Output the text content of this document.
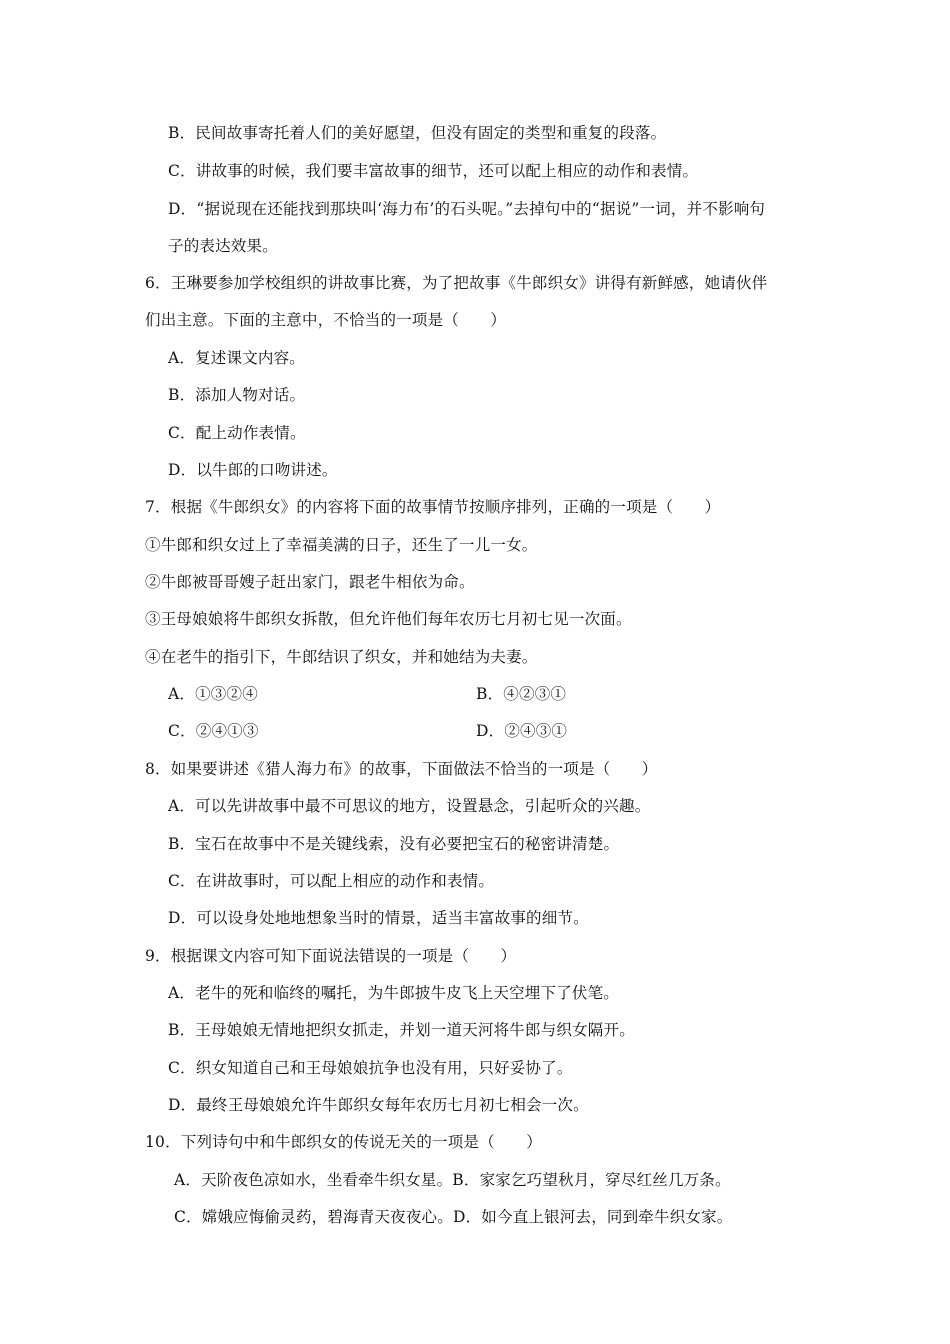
B．民间故事寄托着人们的美好愿望，但没有固定的类型和重复的段落。
C．讲故事的时候，我们要丰富故事的细节，还可以配上相应的动作和表情。
D．“据说现在还能找到那块叫‘海力布’的石头呢。”去掉句中的“据说”一词，并不影响句
子的表达效果。
6．王琳要参加学校组织的讲故事比赛，为了把故事《牛郎织女》讲得有新鲜感，她请伙伴
们出主意。下面的主意中，不恰当的一项是（　　）
A．复述课文内容。
B．添加人物对话。
C．配上动作表情。
D．以牛郎的口吻讲述。
7．根据《牛郎织女》的内容将下面的故事情节按顺序排列，正确的一项是（　　）
①牛郎和织女过上了幸福美满的日子，还生了一儿一女。
②牛郎被哥哥嫂子赶出家门，跟老牛相依为命。
③王母娘娘将牛郎织女拆散，但允许他们每年农历七月初七见一次面。
④在老牛的指引下，牛郎结识了织女，并和她结为夫妻。
A．①③②④	B．④②③①
C．②④①③	D．②④③①
8．如果要讲述《猎人海力布》的故事，下面做法不恰当的一项是（　　）
A．可以先讲故事中最不可思议的地方，设置悬念，引起听众的兴趣。
B．宝石在故事中不是关键线索，没有必要把宝石的秘密讲清楚。
C．在讲故事时，可以配上相应的动作和表情。
D．可以设身处地地想象当时的情景，适当丰富故事的细节。
9．根据课文内容可知下面说法错误的一项是（　　）
A．老牛的死和临终的嘱托，为牛郎披牛皮飞上天空埋下了伏笔。
B．王母娘娘无情地把织女抓走，并划一道天河将牛郎与织女隔开。
C．织女知道自己和王母娘娘抗争也没有用，只好妥协了。
D．最终王母娘娘允许牛郎织女每年农历七月初七相会一次。
10．下列诗句中和牛郎织女的传说无关的一项是（　　）
A．天阶夜色凉如水，坐看牵牛织女星。B．家家乞巧望秋月，穿尽红丝几万条。
C．嫦娥应悔偷灵药，碧海青天夜夜心。D．如今直上银河去，同到牵牛织女家。
